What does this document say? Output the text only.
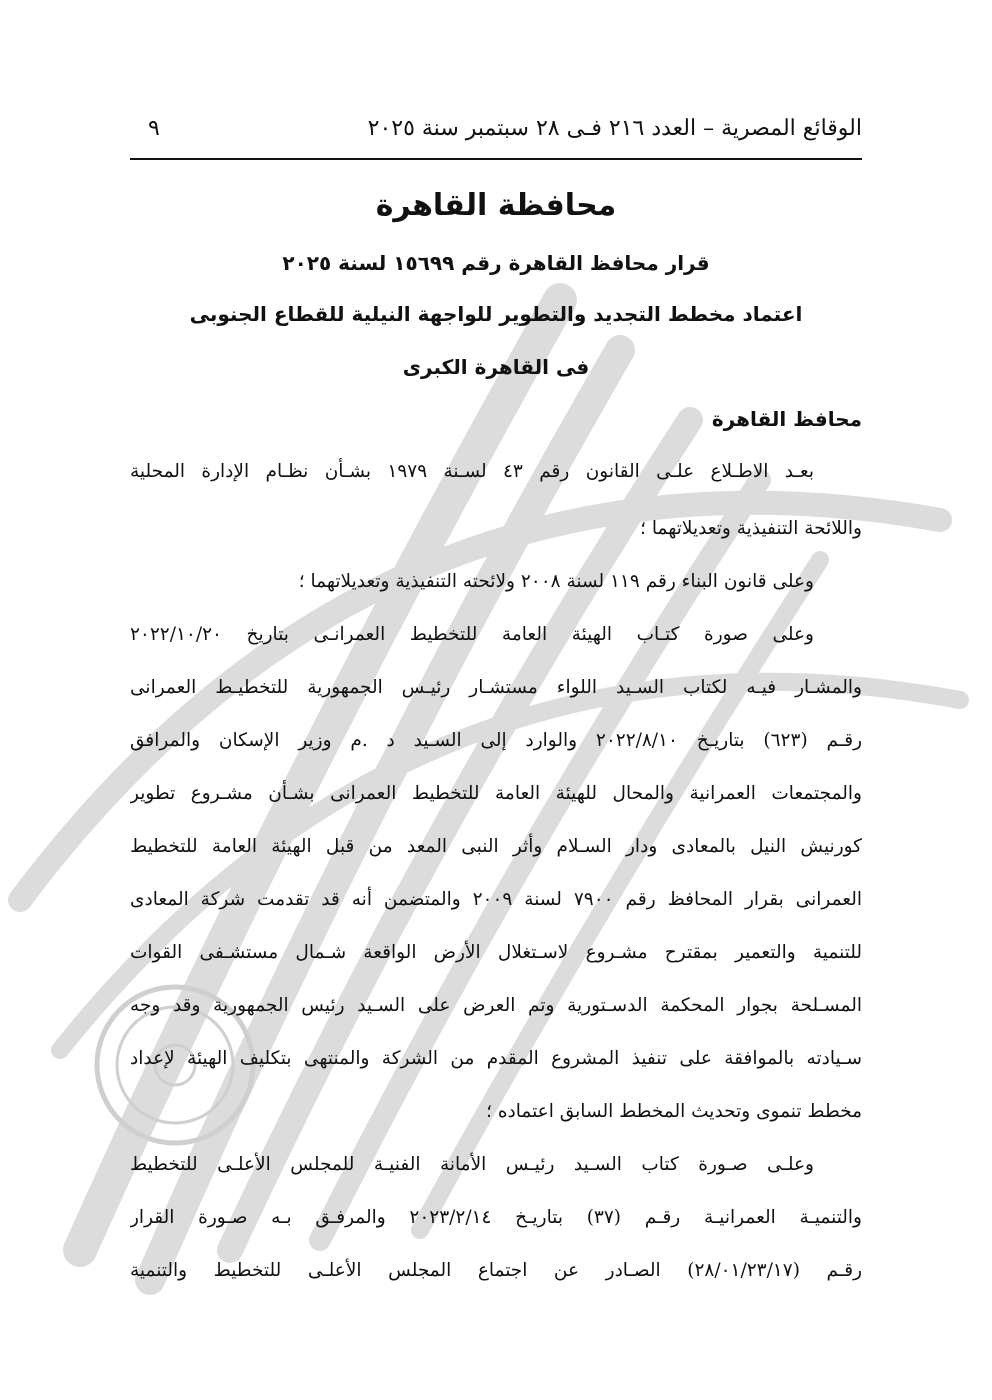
الوقائع المصرية – العدد ٢١٦ فـى ٢٨ سبتمبر سنة ٢٠٢٥
٩
محافظة القاهرة
قرار محافظ القاهرة رقم ١٥٦٩٩ لسنة ٢٠٢٥
اعتماد مخطط التجديد والتطوير للواجهة النيلية للقطاع الجنوبى
فى القاهرة الكبرى
محافظ القاهرة
بعـد الاطـلاع علـى القانون رقم ٤٣ لسـنة ١٩٧٩ بشـأن نظـام الإدارة المحلية
واللائحة التنفيذية وتعديلاتهما ؛
وعلى قانون البناء رقم ١١٩ لسنة ٢٠٠٨ ولائحته التنفيذية وتعديلاتهما ؛
وعلى صورة كتـاب الهيئة العامة للتخطيط العمرانـى بتاريخ ٢٠٢٢/١٠/٢٠
والمشـار فيـه لكتاب السـيد اللواء مستشـار رئيـس الجمهورية للتخطيـط العمرانى
رقـم (٦٢٣) بتاريـخ ٢٠٢٢/٨/١٠ والوارد إلى السـيد د .م وزير الإسكان والمرافق
والمجتمعات العمرانية والمحال للهيئة العامة للتخطيط العمرانى بشـأن مشـروع تطوير
كورنيش النيل بالمعادى ودار السـلام وأثر النبى المعد من قبل الهيئة العامة للتخطيط
العمرانى بقرار المحافظ رقم ٧٩٠٠ لسنة ٢٠٠٩ والمتضمن أنه قد تقدمت شركة المعادى
للتنمية والتعمير بمقترح مشـروع لاسـتغلال الأرض الواقعة شـمال مستشـفى القوات
المسـلحة بجوار المحكمة الدسـتورية وتم العرض على السـيد رئيس الجمهورية وقد وجه
سـيادته بالموافقة على تنفيذ المشروع المقدم من الشركة والمنتهى بتكليف الهيئة لإعداد
مخطط تنموى وتحديث المخطط السابق اعتماده ؛
وعلـى صـورة كتاب السـيد رئيـس الأمانة الفنيـة للمجلس الأعلـى للتخطيط
والتنميـة العمرانيـة رقـم (٣٧) بتاريـخ ٢٠٢٣/٢/١٤ والمرفـق بـه صـورة القرار
رقـم (٢٨/٠١/٢٣/١٧) الصـادر عن اجتماع المجلس الأعلـى للتخطيط والتنمية
